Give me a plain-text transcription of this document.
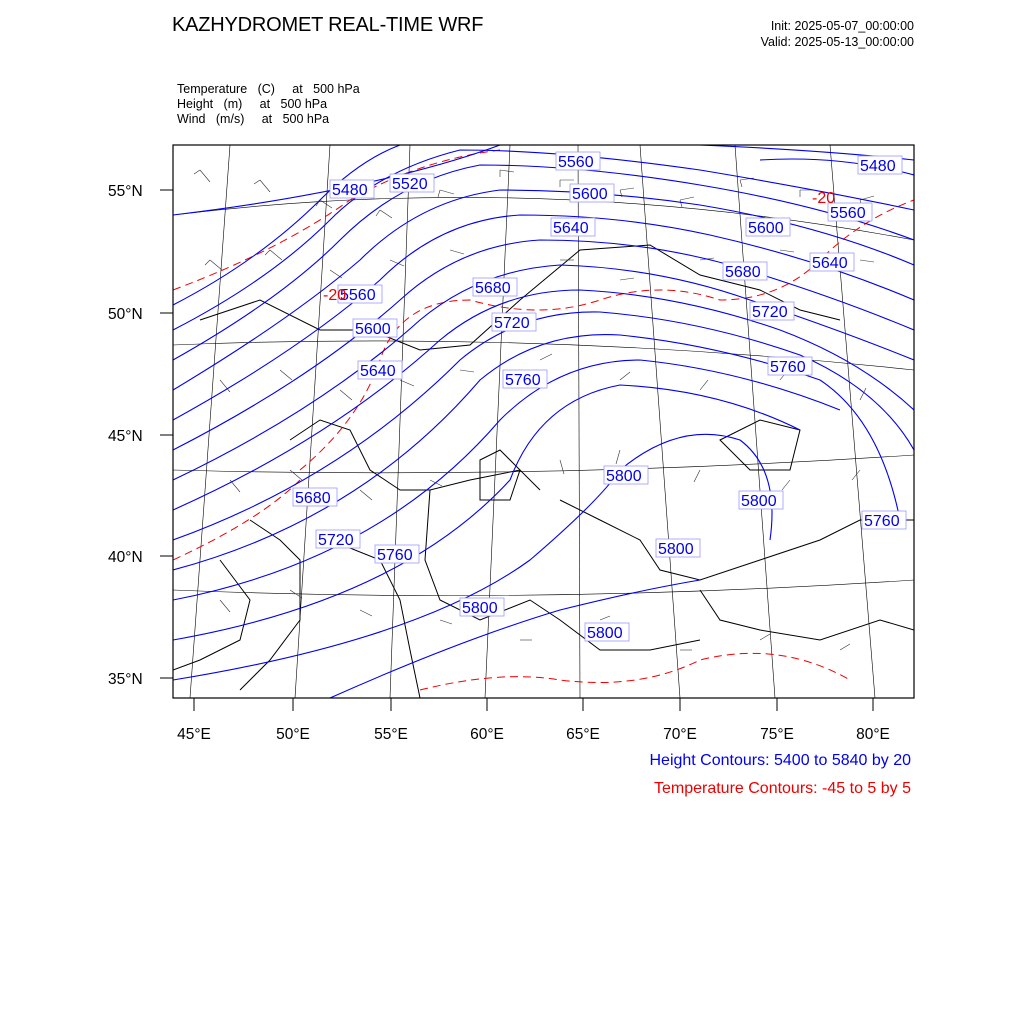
KAZHYDROMET REAL-TIME WRF	Init: 2025-05-07_00:00:00
Valid: 2025-05-13_00:00:00
Temperature   (C)     at   500 hPa
Height   (m)     at   500 hPa
Wind   (m/s)     at   500 hPa
5480 5520
5560
5600
5640
5680
5720
5760
5800
5560
5600
5640
5680
5720
5760
5800
5800
5800
5800
5480
5560
5600
5640
5680
5720
5760
5760
-20
-20
55°N
50°N
45°N
40°N
35°N
45°E	50°E	55°E	60°E	65°E	70°E	75°E	80°E
Height Contours: 5400 to 5840 by 20
Temperature Contours: -45 to 5 by 5
